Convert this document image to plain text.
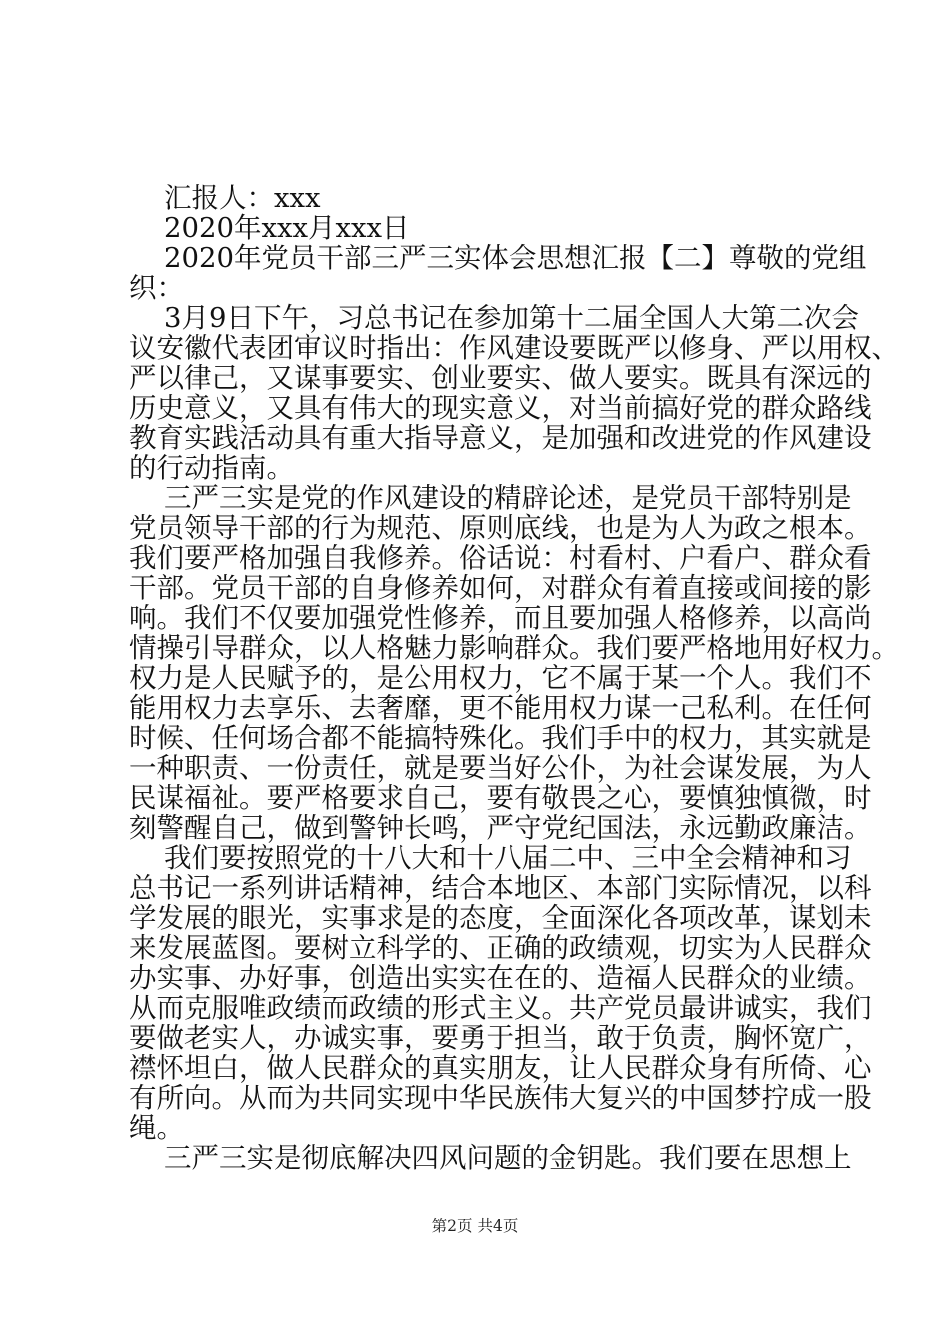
汇报人：xxx

2020年xxx月xxx日

2020年党员干部三严三实体会思想汇报【二】尊敬的党组

织：

3月9日下午，习总书记在参加第十二届全国人大第二次会

议安徽代表团审议时指出：作风建设要既严以修身、严以用权、

严以律己，又谋事要实、创业要实、做人要实。既具有深远的

历史意义，又具有伟大的现实意义，对当前搞好党的群众路线

教育实践活动具有重大指导意义，是加强和改进党的作风建设

的行动指南。

三严三实是党的作风建设的精辟论述，是党员干部特别是

党员领导干部的行为规范、原则底线，也是为人为政之根本。

我们要严格加强自我修养。俗话说：村看村、户看户、群众看

干部。党员干部的自身修养如何，对群众有着直接或间接的影

响。我们不仅要加强党性修养，而且要加强人格修养，以高尚

情操引导群众，以人格魅力影响群众。我们要严格地用好权力。

权力是人民赋予的，是公用权力，它不属于某一个人。我们不

能用权力去享乐、去奢靡，更不能用权力谋一己私利。在任何

时候、任何场合都不能搞特殊化。我们手中的权力，其实就是

一种职责、一份责任，就是要当好公仆，为社会谋发展，为人

民谋福祉。要严格要求自己，要有敬畏之心，要慎独慎微，时

刻警醒自己，做到警钟长鸣，严守党纪国法，永远勤政廉洁。

我们要按照党的十八大和十八届二中、三中全会精神和习

总书记一系列讲话精神，结合本地区、本部门实际情况，以科

学发展的眼光，实事求是的态度，全面深化各项改革，谋划未

来发展蓝图。要树立科学的、正确的政绩观，切实为人民群众

办实事、办好事，创造出实实在在的、造福人民群众的业绩。

从而克服唯政绩而政绩的形式主义。共产党员最讲诚实，我们

要做老实人，办诚实事，要勇于担当，敢于负责，胸怀宽广，

襟怀坦白，做人民群众的真实朋友，让人民群众身有所倚、心

有所向。从而为共同实现中华民族伟大复兴的中国梦拧成一股

绳。

三严三实是彻底解决四风问题的金钥匙。我们要在思想上

第2页 共4页
